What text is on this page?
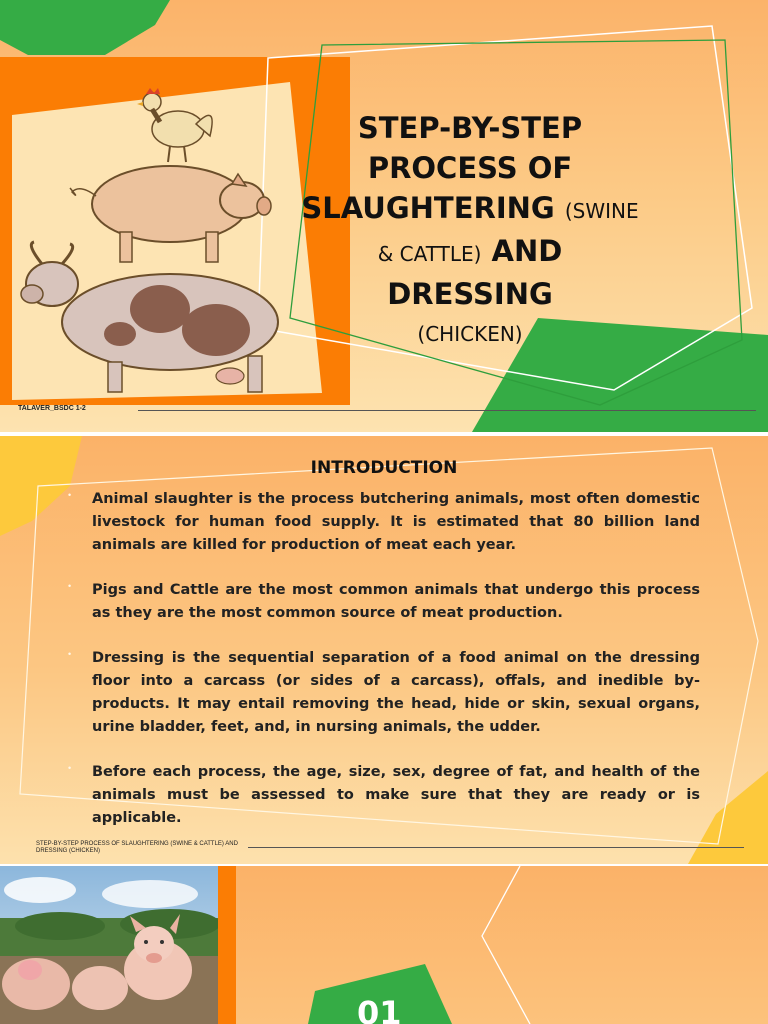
STEP-BY-STEP
PROCESS OF
SLAUGHTERING (SWINE
& CATTLE) AND DRESSING
(CHICKEN)
TALAVER_BSDC 1-2
INTRODUCTION
• Animal slaughter is the process butchering animals, most often domestic livestock for human food supply. It is estimated that 80 billion land animals are killed for production of meat each year.
• Pigs and Cattle are the most common animals that undergo this process as they are the most common source of meat production.
• Dressing is the sequential separation of a food animal on the dressing floor into a carcass (or sides of a carcass), offals, and inedible by-products. It may entail removing the head, hide or skin, sexual organs, urine bladder, feet, and, in nursing animals, the udder.
• Before each process, the age, size, sex, degree of fat, and health of the animals must be assessed to make sure that they are ready or is applicable.
STEP-BY-STEP PROCESS OF SLAUGHTERING (SWINE & CATTLE) AND DRESSING (CHICKEN)
01
